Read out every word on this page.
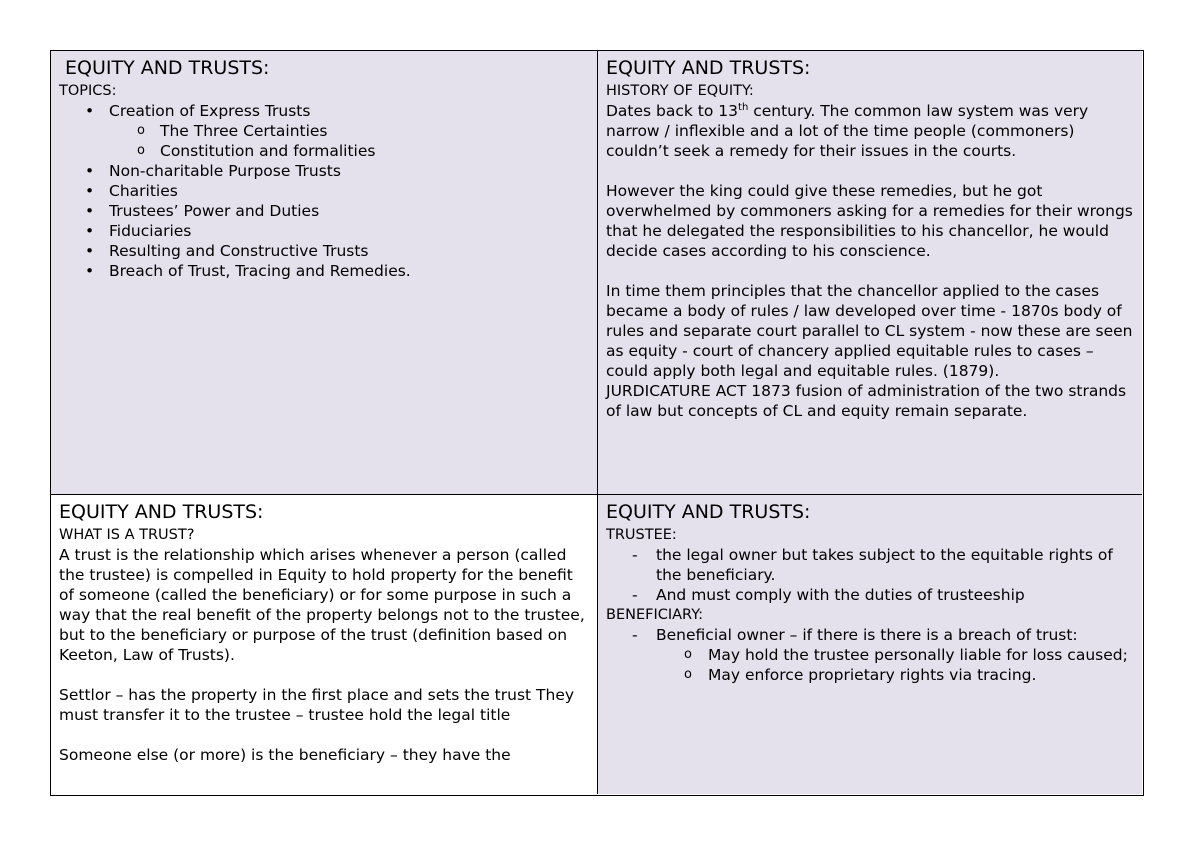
EQUITY AND TRUSTS:
TOPICS:
• Creation of Express Trusts
o The Three Certainties
o Constitution and formalities
• Non-charitable Purpose Trusts
• Charities
• Trustees’ Power and Duties
• Fiduciaries
• Resulting and Constructive Trusts
• Breach of Trust, Tracing and Remedies.
EQUITY AND TRUSTS:
HISTORY OF EQUITY:

Dates back to 13th century. The common law system was very narrow / inflexible and a lot of the time people (commoners) couldn’t seek a remedy for their issues in the courts.

However the king could give these remedies, but he got overwhelmed by commoners asking for a remedies for their wrongs that he delegated the responsibilities to his chancellor, he would decide cases according to his conscience.

In time them principles that the chancellor applied to the cases became a body of rules / law developed over time - 1870s body of rules and separate court parallel to CL system - now these are seen as equity - court of chancery applied equitable rules to cases – could apply both legal and equitable rules. (1879).

JURDICATURE ACT 1873 fusion of administration of the two strands of law but concepts of CL and equity remain separate.

EQUITY AND TRUSTS:
WHAT IS A TRUST?

A trust is the relationship which arises whenever a person (called the trustee) is compelled in Equity to hold property for the benefit of someone (called the beneficiary) or for some purpose in such a way that the real benefit of the property belongs not to the trustee, but to the beneficiary or purpose of the trust (definition based on Keeton, Law of Trusts).

Settlor – has the property in the first place and sets the trust They must transfer it to the trustee – trustee hold the legal title

Someone else (or more) is the beneficiary – they have the

EQUITY AND TRUSTS:
TRUSTEE:
- the legal owner but takes subject to the equitable rights of the beneficiary.
- And must comply with the duties of trusteeship
BENEFICIARY:
- Beneficial owner – if there is there is a breach of trust:
o May hold the trustee personally liable for loss caused;
o May enforce proprietary rights via tracing.
